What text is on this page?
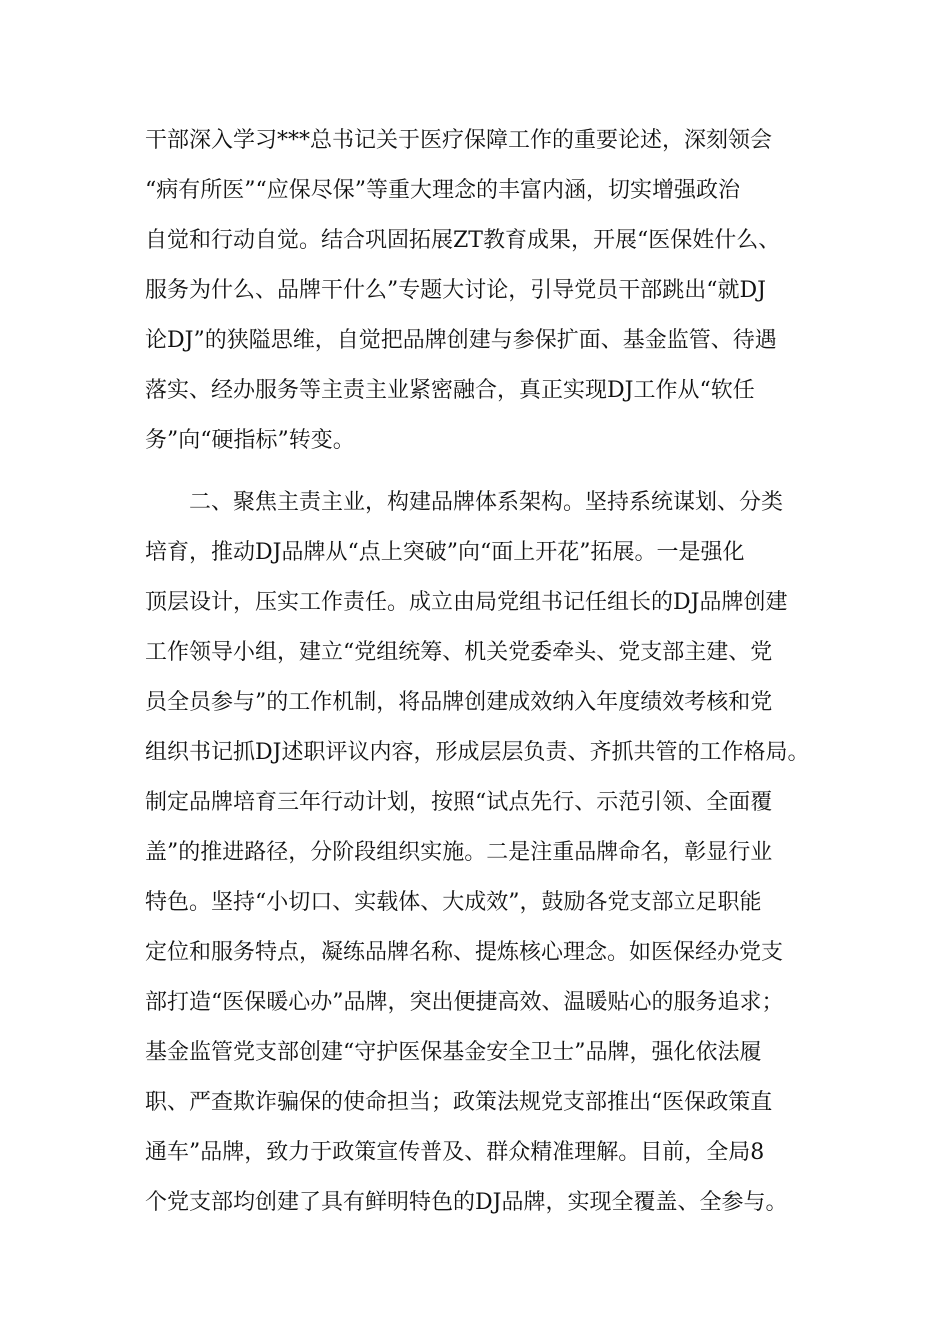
干部深入学习***总书记关于医疗保障工作的重要论述，深刻领会
“病有所医”“应保尽保”等重大理念的丰富内涵，切实增强政治
自觉和行动自觉。结合巩固拓展ZT教育成果，开展“医保姓什么、
服务为什么、品牌干什么”专题大讨论，引导党员干部跳出“就DJ
论DJ”的狭隘思维，自觉把品牌创建与参保扩面、基金监管、待遇
落实、经办服务等主责主业紧密融合，真正实现DJ工作从“软任
务”向“硬指标”转变。
二、聚焦主责主业，构建品牌体系架构。坚持系统谋划、分类
培育，推动DJ品牌从“点上突破”向“面上开花”拓展。一是强化
顶层设计，压实工作责任。成立由局党组书记任组长的DJ品牌创建
工作领导小组，建立“党组统筹、机关党委牵头、党支部主建、党
员全员参与”的工作机制，将品牌创建成效纳入年度绩效考核和党
组织书记抓DJ述职评议内容，形成层层负责、齐抓共管的工作格局。
制定品牌培育三年行动计划，按照“试点先行、示范引领、全面覆
盖”的推进路径，分阶段组织实施。二是注重品牌命名，彰显行业
特色。坚持“小切口、实载体、大成效”，鼓励各党支部立足职能
定位和服务特点，凝练品牌名称、提炼核心理念。如医保经办党支
部打造“医保暖心办”品牌，突出便捷高效、温暖贴心的服务追求；
基金监管党支部创建“守护医保基金安全卫士”品牌，强化依法履
职、严查欺诈骗保的使命担当；政策法规党支部推出“医保政策直
通车”品牌，致力于政策宣传普及、群众精准理解。目前，全局8
个党支部均创建了具有鲜明特色的DJ品牌，实现全覆盖、全参与。
